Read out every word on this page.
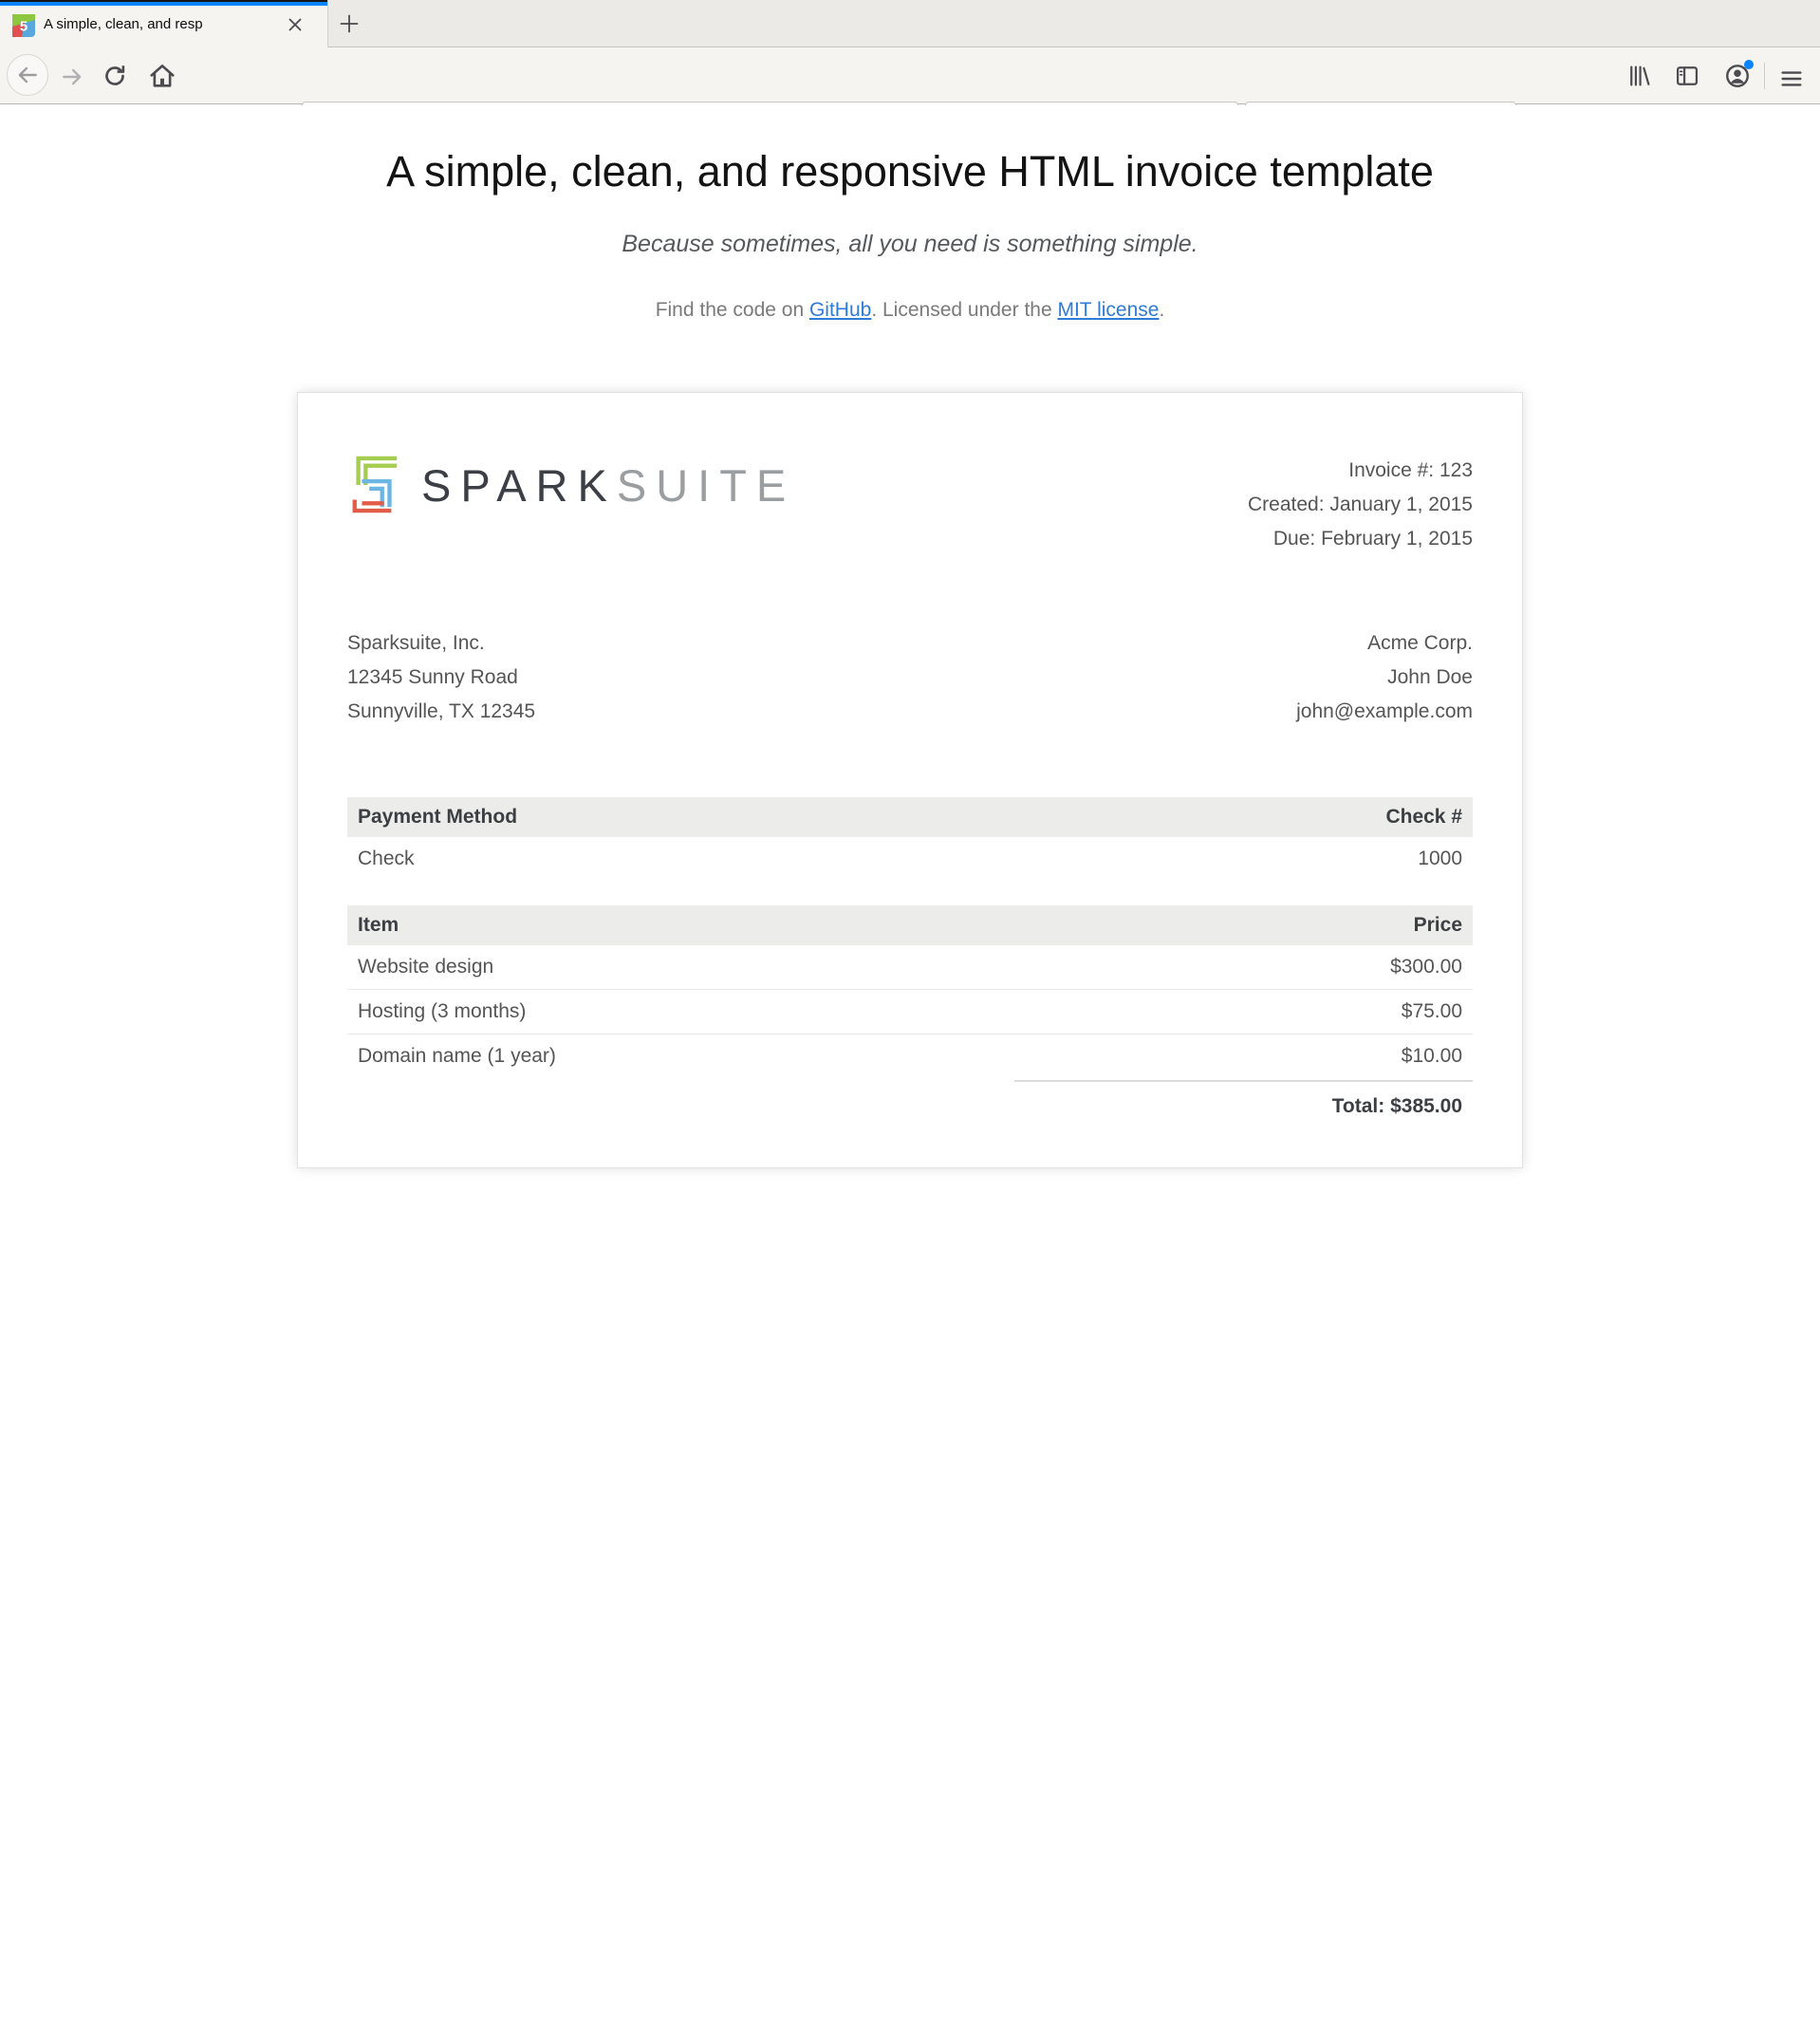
5 A simple, clean, and resp
Search
A simple, clean, and responsive HTML invoice template
Because sometimes, all you need is something simple.
Find the code on GitHub. Licensed under the MIT license.
SPARKSUITE	Invoice #: 123
Created: January 1, 2015
Due: February 1, 2015
Sparksuite, Inc.
12345 Sunny Road
Sunnyville, TX 12345
Acme Corp.
John Doe
john@example.com
Payment Method	Check #
Check	1000
Item	Price
Website design	$300.00
Hosting (3 months)	$75.00
Domain name (1 year)	$10.00
Total: $385.00
